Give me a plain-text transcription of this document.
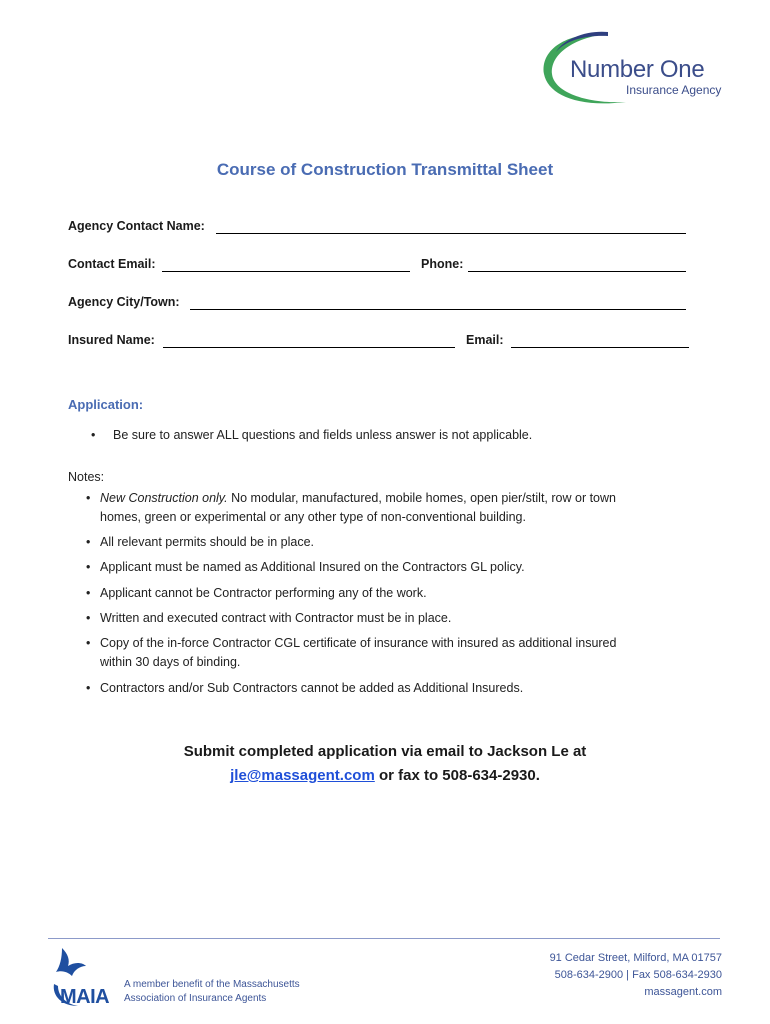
Number One
Insurance Agency
Course of Construction Transmittal Sheet
Agency Contact Name:
Contact Email:	Phone:
Agency City/Town:
Insured Name:	Email:
Application:
• Be sure to answer ALL questions and fields unless answer is not applicable.
Notes:
• New Construction only. No modular, manufactured, mobile homes, open pier/stilt, row or town
homes, green or experimental or any other type of non-conventional building.
• All relevant permits should be in place.
• Applicant must be named as Additional Insured on the Contractors GL policy.
• Applicant cannot be Contractor performing any of the work.
• Written and executed contract with Contractor must be in place.
• Copy of the in-force Contractor CGL certificate of insurance with insured as additional insured
within 30 days of binding.
• Contractors and/or Sub Contractors cannot be added as Additional Insureds.
Submit completed application via email to Jackson Le at
jle@massagent.com or fax to 508-634-2930.
MAIA
A member benefit of the Massachusetts
Association of Insurance Agents
91 Cedar Street, Milford, MA 01757
508-634-2900 | Fax 508-634-2930
massagent.com
